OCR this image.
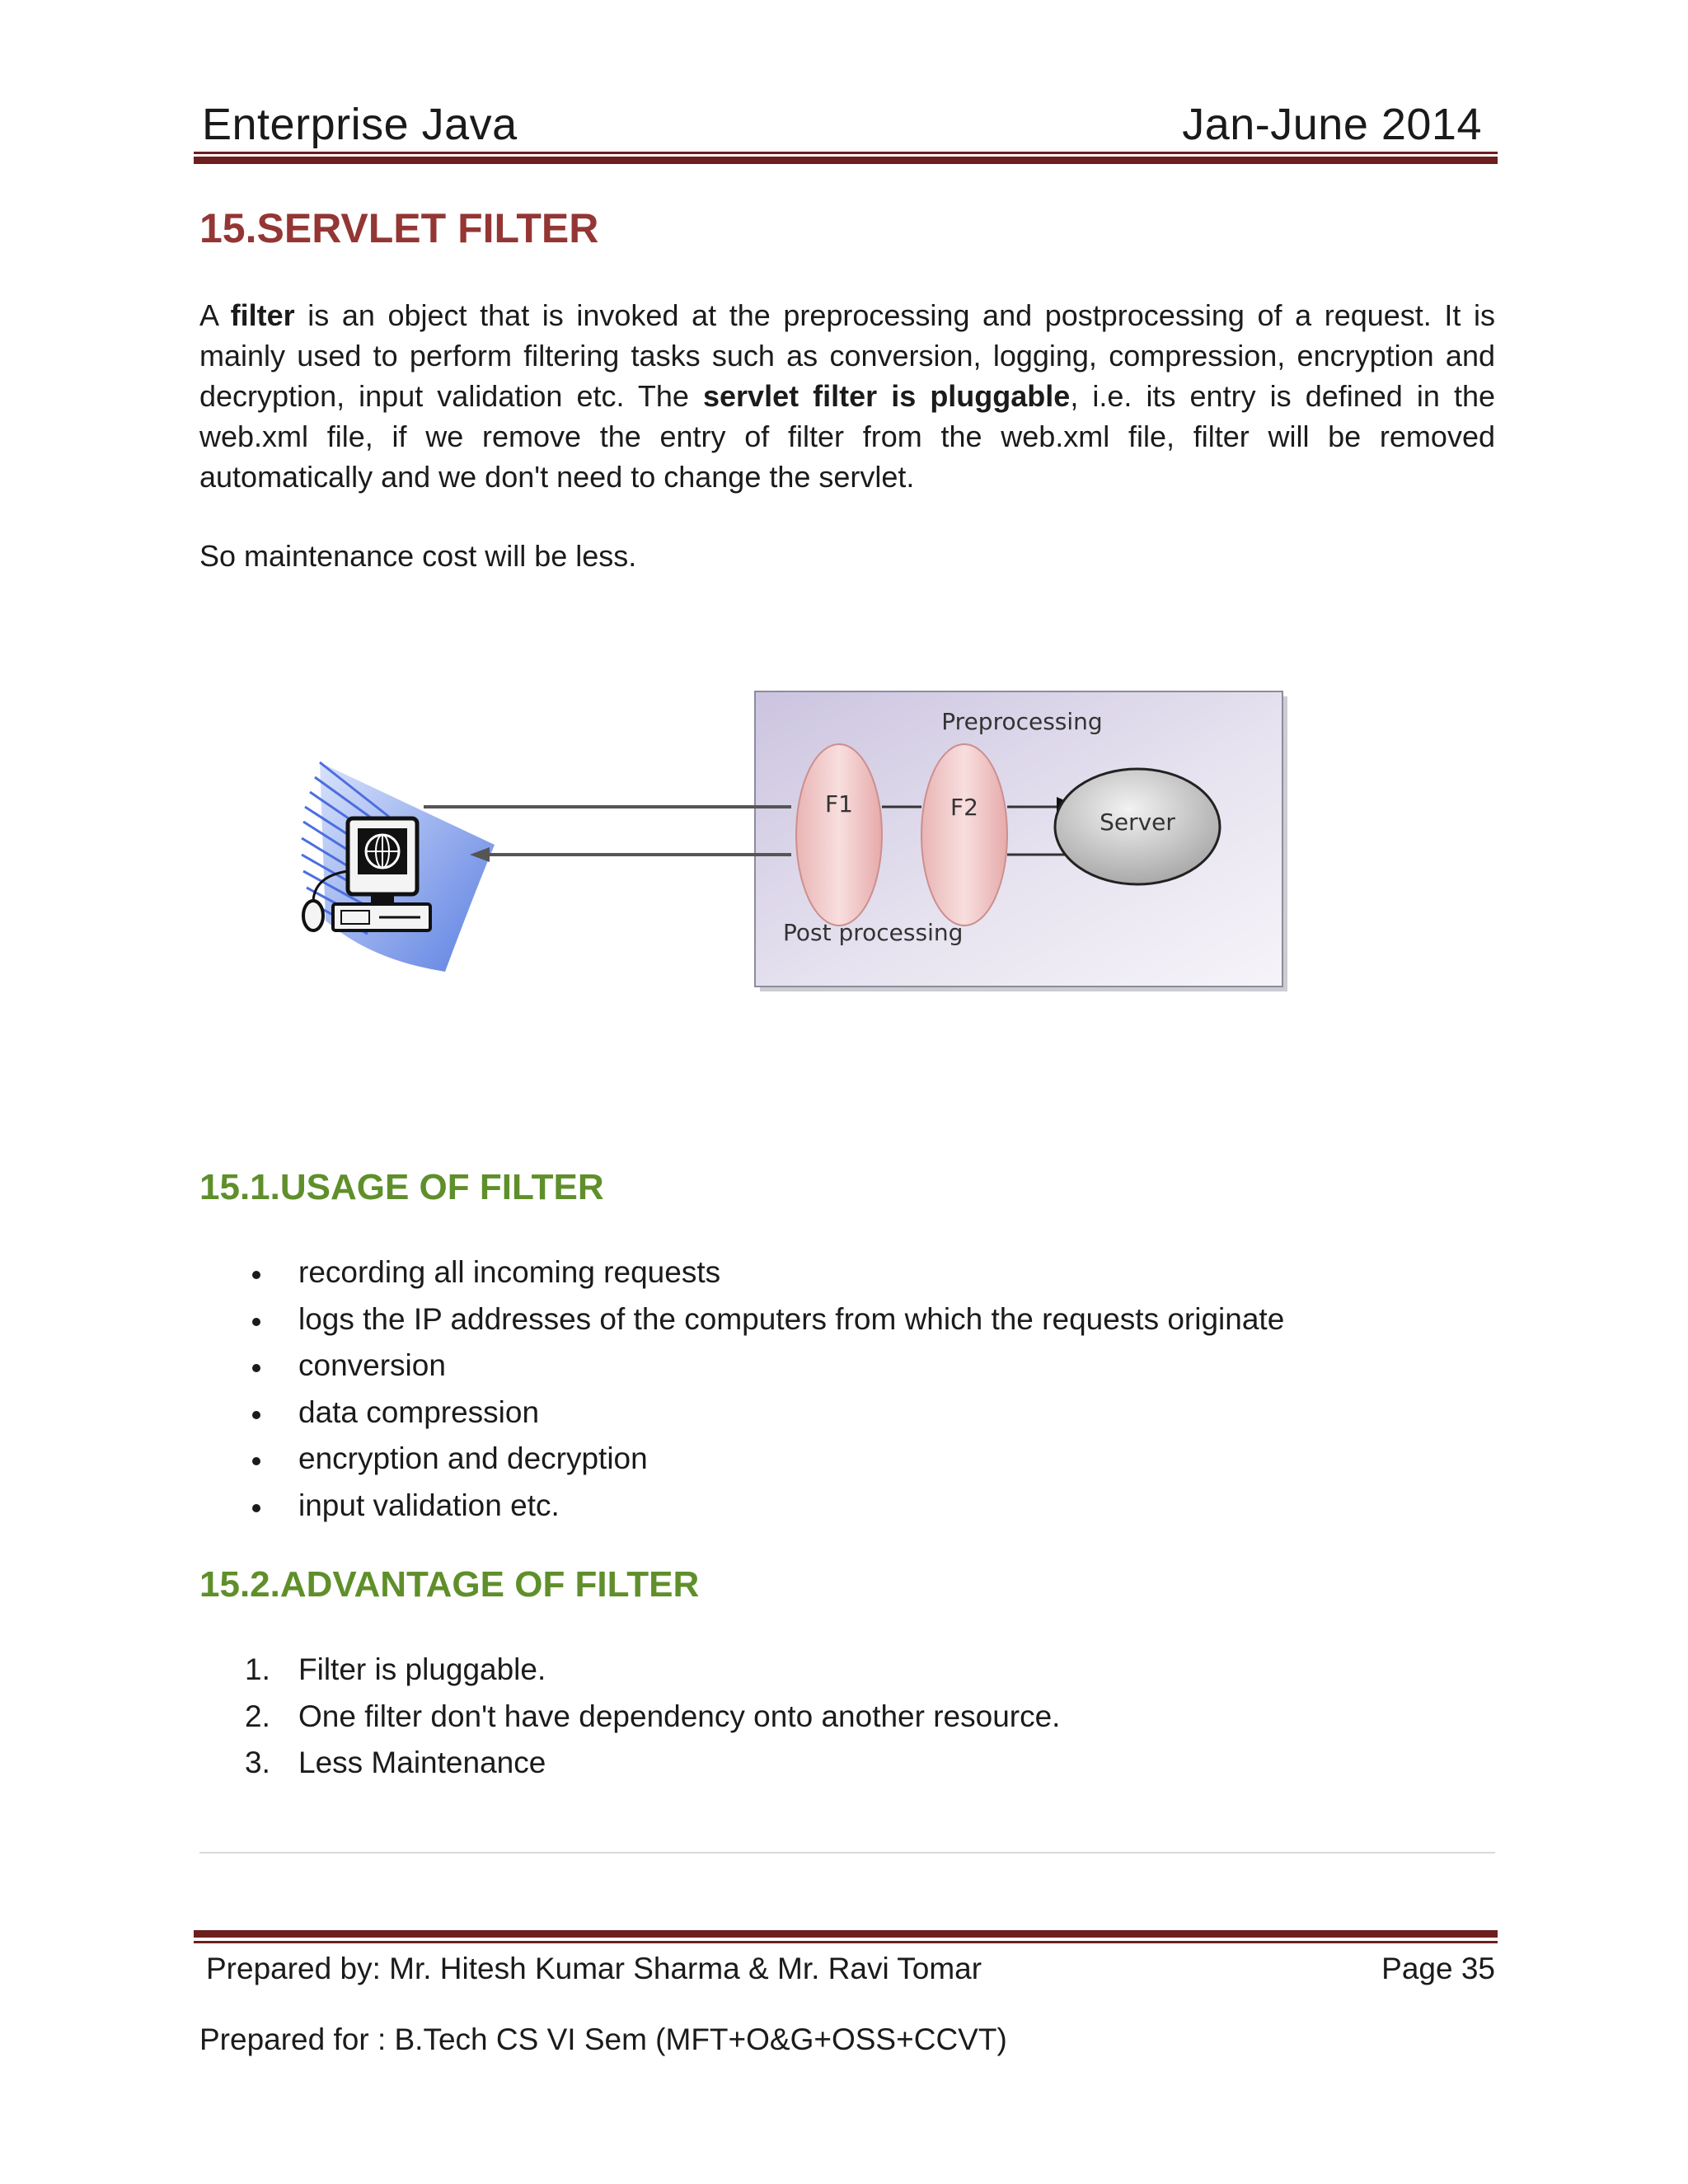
Enterprise Java	Jan-June 2014
15.SERVLET FILTER
A filter is an object that is invoked at the preprocessing and postprocessing of a request. It is mainly used to perform filtering tasks such as conversion, logging, compression, encryption and decryption, input validation etc. The servlet filter is pluggable, i.e. its entry is defined in the web.xml file, if we remove the entry of filter from the web.xml file, filter will be removed automatically and we don't need to change the servlet.
So maintenance cost will be less.
F1	F2
Server
Preprocessing
Post processing
15.1.USAGE OF FILTER
recording all incoming requests
logs the IP addresses of the computers from which the requests originate
conversion
data compression
encryption and decryption
input validation etc.
15.2.ADVANTAGE OF FILTER
1. Filter is pluggable.
2. One filter don't have dependency onto another resource.
3. Less Maintenance
Prepared by: Mr. Hitesh Kumar Sharma & Mr. Ravi Tomar	Page 35
Prepared for : B.Tech CS VI Sem (MFT+O&G+OSS+CCVT)
